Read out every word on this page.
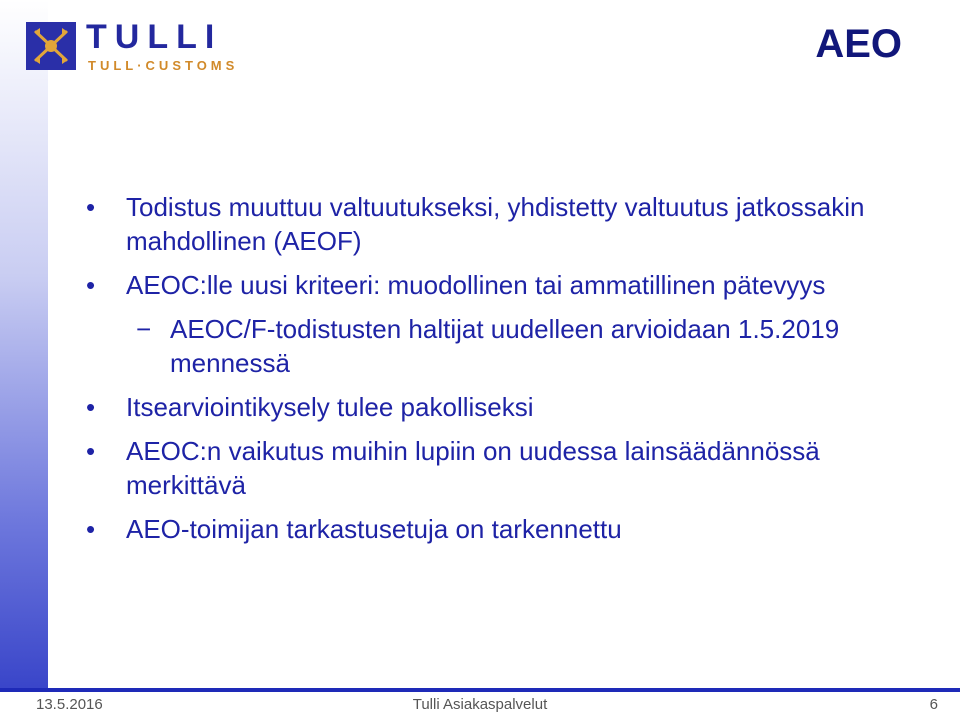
TULLI
TULL·CUSTOMS	AEO
• Todistus muuttuu valtuutukseksi, yhdistetty valtuutus jatkossakin mahdollinen (AEOF)
• AEOC:lle uusi kriteeri: muodollinen tai ammatillinen pätevyys
− AEOC/F-todistusten haltijat uudelleen arvioidaan 1.5.2019 mennessä
• Itsearviointikysely tulee pakolliseksi
• AEOC:n vaikutus muihin lupiin on uudessa lainsäädännössä merkittävä
• AEO-toimijan tarkastusetuja on tarkennettu
13.5.2016	Tulli Asiakaspalvelut	6
